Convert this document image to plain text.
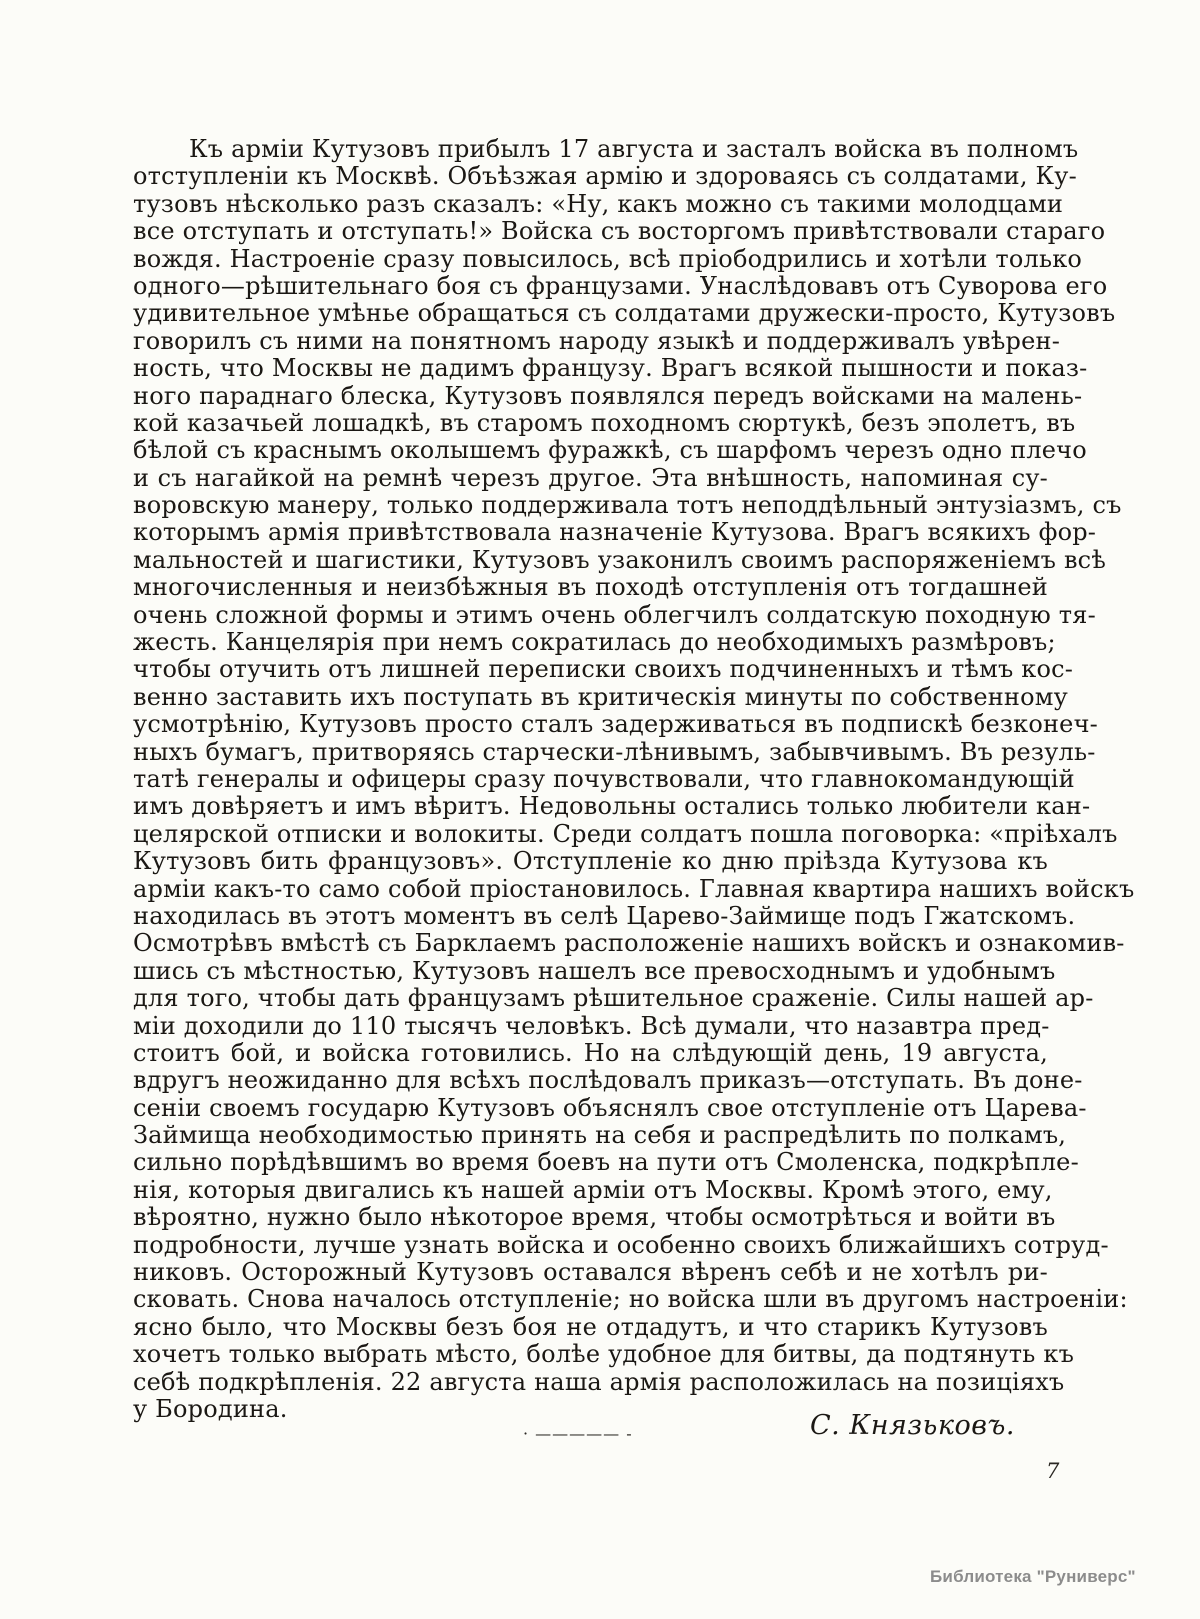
Къ арміи Кутузовъ прибылъ 17 августа и засталъ войска въ полномъ
отступленіи къ Москвѣ. Объѣзжая армію и здороваясь съ солдатами, Ку-
тузовъ нѣсколько разъ сказалъ: «Ну, какъ можно съ такими молодцами
все отступать и отступать!» Войска съ восторгомъ привѣтствовали стараго
вождя. Настроеніе сразу повысилось, всѣ пріободрились и хотѣли только
одного—рѣшительнаго боя съ французами. Унаслѣдовавъ отъ Суворова его
удивительное умѣнье обращаться съ солдатами дружески-просто, Кутузовъ
говорилъ съ ними на понятномъ народу языкѣ и поддерживалъ увѣрен-
ность, что Москвы не дадимъ французу. Врагъ всякой пышности и показ-
ного параднаго блеска, Кутузовъ появлялся передъ войсками на малень-
кой казачьей лошадкѣ, въ старомъ походномъ сюртукѣ, безъ эполетъ, въ
бѣлой съ краснымъ околышемъ фуражкѣ, съ шарфомъ черезъ одно плечо
и съ нагайкой на ремнѣ черезъ другое. Эта внѣшность, напоминая су-
воровскую манеру, только поддерживала тотъ неподдѣльный энтузіазмъ, съ
которымъ армія привѣтствовала назначеніе Кутузова. Врагъ всякихъ фор-
мальностей и шагистики, Кутузовъ узаконилъ своимъ распоряженіемъ всѣ
многочисленныя и неизбѣжныя въ походѣ отступленія отъ тогдашней
очень сложной формы и этимъ очень облегчилъ солдатскую походную тя-
жесть. Канцелярія при немъ сократилась до необходимыхъ размѣровъ;
чтобы отучить отъ лишней переписки своихъ подчиненныхъ и тѣмъ кос-
венно заставить ихъ поступать въ критическія минуты по собственному
усмотрѣнію, Кутузовъ просто сталъ задерживаться въ подпискѣ безконеч-
ныхъ бумагъ, притворяясь старчески-лѣнивымъ, забывчивымъ. Въ резуль-
татѣ генералы и офицеры сразу почувствовали, что главнокомандующій
имъ довѣряетъ и имъ вѣритъ. Недовольны остались только любители кан-
целярской отписки и волокиты. Среди солдатъ пошла поговорка: «пріѣхалъ
Кутузовъ бить французовъ». Отступленіе ко дню пріѣзда Кутузова къ
арміи какъ-то само собой пріостановилось. Главная квартира нашихъ войскъ
находилась въ этотъ моментъ въ селѣ Царево-Займище подъ Гжатскомъ.
Осмотрѣвъ вмѣстѣ съ Барклаемъ расположеніе нашихъ войскъ и ознакомив-
шись съ мѣстностью, Кутузовъ нашелъ все превосходнымъ и удобнымъ
для того, чтобы дать французамъ рѣшительное сраженіе. Силы нашей ар-
міи доходили до 110 тысячъ человѣкъ. Всѣ думали, что назавтра пред-
стоитъ бой, и войска готовились. Но на слѣдующій день, 19 августа,
вдругъ неожиданно для всѣхъ послѣдовалъ приказъ—отступать. Въ доне-
сеніи своемъ государю Кутузовъ объяснялъ свое отступленіе отъ Царева-
Займища необходимостью принять на себя и распредѣлить по полкамъ,
сильно порѣдѣвшимъ во время боевъ на пути отъ Смоленска, подкрѣпле-
нія, которыя двигались къ нашей арміи отъ Москвы. Кромѣ этого, ему,
вѣроятно, нужно было нѣкоторое время, чтобы осмотрѣться и войти въ
подробности, лучше узнать войска и особенно своихъ ближайшихъ сотруд-
никовъ. Осторожный Кутузовъ оставался вѣренъ себѣ и не хотѣлъ ри-
сковать. Снова началось отступленіе; но войска шли въ другомъ настроеніи:
ясно было, что Москвы безъ боя не отдадутъ, и что старикъ Кутузовъ
хочетъ только выбрать мѣсто, болѣе удобное для битвы, да подтянуть къ
себѣ подкрѣпленія. 22 августа наша армія расположилась на позиціяхъ
у Бородина.
· ————— -	С. Князьковъ.
7
Библиотека "Руниверс"
